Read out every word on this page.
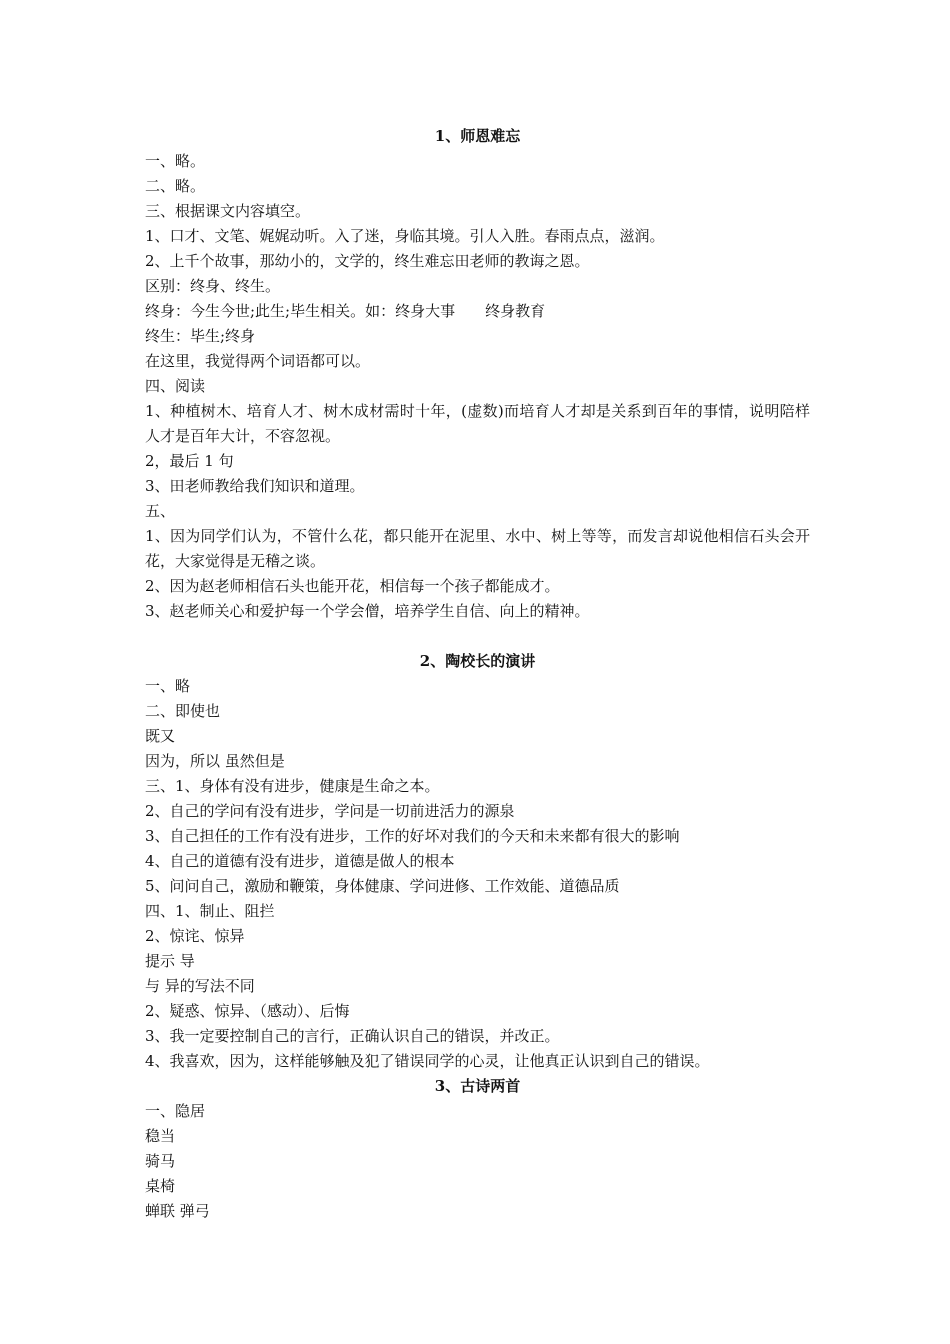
1、师恩难忘
一、略。
二、略。
三、根据课文内容填空。
1、口才、文笔、娓娓动听。入了迷，身临其境。引人入胜。春雨点点，滋润。
2、上千个故事，那幼小的，文学的，终生难忘田老师的教诲之恩。
区别：终身、终生。
终身：今生今世;此生;毕生相关。如：终身大事　　终身教育
终生：毕生;终身
在这里，我觉得两个词语都可以。
四、阅读
1、种植树木、培育人才、树木成材需时十年，(虚数)而培育人才却是关系到百年的事情，说明陪样人才是百年大计，不容忽视。
2，最后 1 句
3、田老师教给我们知识和道理。
五、
1、因为同学们认为，不管什么花，都只能开在泥里、水中、树上等等，而发言却说他相信石头会开花，大家觉得是无稽之谈。
2、因为赵老师相信石头也能开花，相信每一个孩子都能成才。
3、赵老师关心和爱护每一个学会僧，培养学生自信、向上的精神。
2、陶校长的演讲
一、略
二、即使也
既又
因为，所以 虽然但是
三、1、身体有没有进步，健康是生命之本。
2、自己的学问有没有进步，学问是一切前进活力的源泉
3、自己担任的工作有没有进步，工作的好坏对我们的今天和未来都有很大的影响
4、自己的道德有没有进步，道德是做人的根本
5、问问自己，激励和鞭策，身体健康、学问进修、工作效能、道德品质
四、1、制止、阻拦
2、惊诧、惊异
提示 导
与 异的写法不同
2、疑惑、惊异、（感动）、后悔
3、我一定要控制自己的言行，正确认识自己的错误，并改正。
4、我喜欢，因为，这样能够触及犯了错误同学的心灵，让他真正认识到自己的错误。
3、古诗两首
一、隐居
稳当
骑马
桌椅
蝉联 弹弓
